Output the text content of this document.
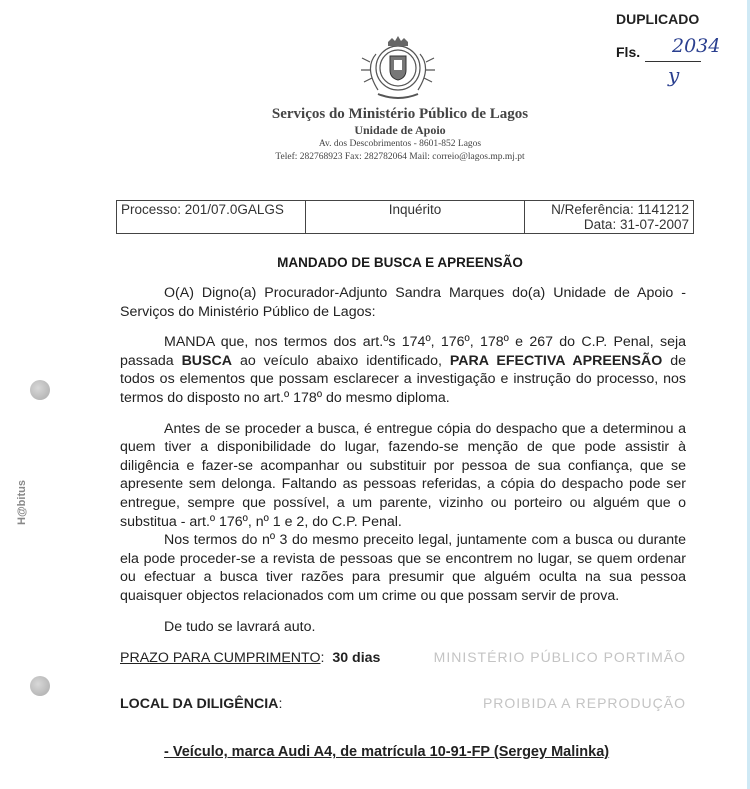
DUPLICADO
Fls. 2034
y
Serviços do Ministério Público de Lagos
Unidade de Apoio
Av. dos Descobrimentos - 8601-852 Lagos
Telef: 282768923 Fax: 282782064 Mail: correio@lagos.mp.mj.pt
Processo: 201/07.0GALGS	Inquérito	N/Referência: 1141212
Data: 31-07-2007
MANDADO DE BUSCA E APREENSÃO

O(A) Digno(a) Procurador-Adjunto Sandra Marques do(a) Unidade de Apoio - Serviços do Ministério Público de Lagos:

MANDA que, nos termos dos art.ºs 174º, 176º, 178º e 267 do C.P. Penal, seja passada BUSCA ao veículo abaixo identificado, PARA EFECTIVA APREENSÃO de todos os elementos que possam esclarecer a investigação e instrução do processo, nos termos do disposto no art.º 178º do mesmo diploma.

Antes de se proceder a busca, é entregue cópia do despacho que a determinou a quem tiver a disponibilidade do lugar, fazendo-se menção de que pode assistir à diligência e fazer-se acompanhar ou substituir por pessoa de sua confiança, que se apresente sem delonga. Faltando as pessoas referidas, a cópia do despacho pode ser entregue, sempre que possível, a um parente, vizinho ou porteiro ou alguém que o substitua - art.º 176º, nº 1 e 2, do C.P. Penal.

Nos termos do nº 3 do mesmo preceito legal, juntamente com a busca ou durante ela pode proceder-se a revista de pessoas que se encontrem no lugar, se quem ordenar ou efectuar a busca tiver razões para presumir que alguém oculta na sua pessoa quaisquer objectos relacionados com um crime ou que possam servir de prova.

De tudo se lavrará auto.

PRAZO PARA CUMPRIMENTO:  30 dias	MINISTÉRIO PÚBLICO PORTIMÃO
LOCAL DA DILIGÊNCIA:	PROIBIDA A REPRODUÇÃO
- Veículo, marca Audi A4, de matrícula 10-91-FP (Sergey Malinka)
H@bitus
